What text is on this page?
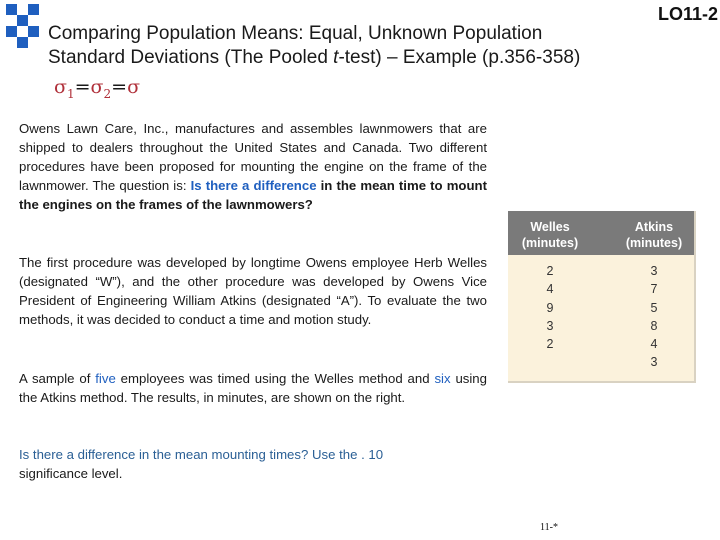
LO11-2
Comparing Population Means: Equal, Unknown Population
Standard Deviations (The Pooled t-test) – Example (p.356-358)
$\sigma_1=\sigma_2=\sigma$
Owens Lawn Care, Inc., manufactures and assembles lawnmowers that are shipped to dealers throughout the United States and Canada. Two different procedures have been proposed for mounting the engine on the frame of the lawnmower. The question is: Is there a difference in the mean time to mount the engines on the frames of the lawnmowers?
The first procedure was developed by longtime Owens employee Herb Welles (designated “W”), and the other procedure was developed by Owens Vice President of Engineering William Atkins (designated “A”). To evaluate the two methods, it was decided to conduct a time and motion study.
A sample of five employees was timed using the Welles method and six using the Atkins method. The results, in minutes, are shown on the right.
Is there a difference in the mean mounting times? Use the . 10
significance level.
Welles
(minutes)
Atkins
(minutes)
2
4
9
3
2
3
7
5
8
4
3
11-*
